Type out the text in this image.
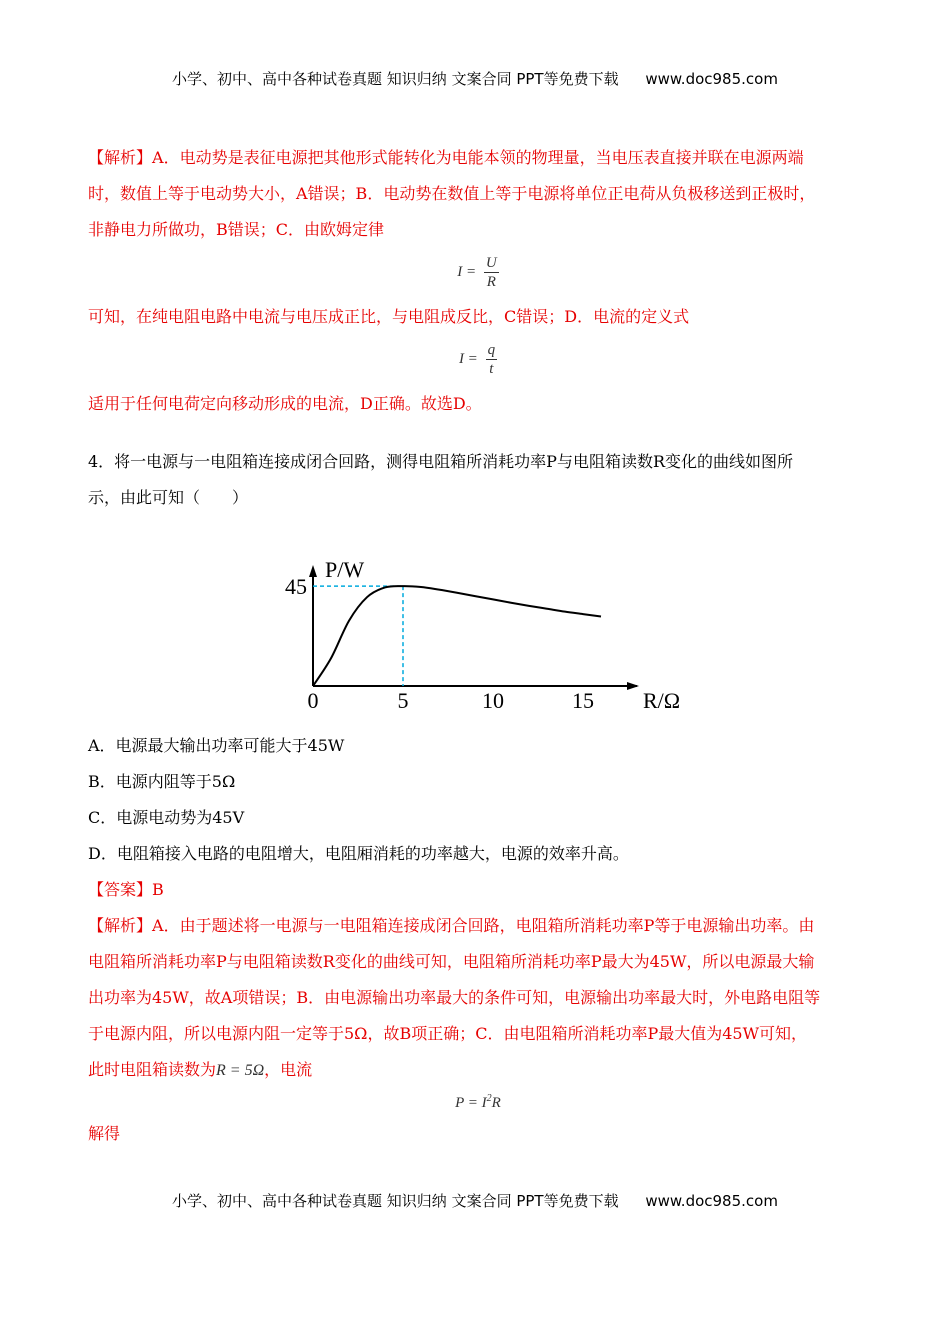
小学、初中、高中各种试卷真题 知识归纳 文案合同 PPT等免费下载 www.doc985.com

【解析】A．电动势是表征电源把其他形式能转化为电能本领的物理量，当电压表直接并联在电源两端

时，数值上等于电动势大小，A错误；B．电动势在数值上等于电源将单位正电荷从负极移送到正极时，

非静电力所做功，B错误；C．由欧姆定律

$I = \frac{U}{R}$

可知，在纯电阻电路中电流与电压成正比，与电阻成反比，C错误；D．电流的定义式

$I = \frac{q}{t}$

适用于任何电荷定向移动形成的电流，D正确。故选D。

4．将一电源与一电阻箱连接成闭合回路，测得电阻箱所消耗功率P与电阻箱读数R变化的曲线如图所

示，由此可知（　　）

P/W
R/Ω
0	5	10	15
45

A．电源最大输出功率可能大于45W

B．电源内阻等于5Ω

C．电源电动势为45V

D．电阻箱接入电路的电阻增大，电阻厢消耗的功率越大，电源的效率升高。

【答案】B

【解析】A．由于题述将一电源与一电阻箱连接成闭合回路，电阻箱所消耗功率P等于电源输出功率。由

电阻箱所消耗功率P与电阻箱读数R变化的曲线可知，电阻箱所消耗功率P最大为45W，所以电源最大输

出功率为45W，故A项错误；B．由电源输出功率最大的条件可知，电源输出功率最大时，外电路电阻等

于电源内阻，所以电源内阻一定等于5Ω，故B项正确；C．由电阻箱所消耗功率P最大值为45W可知，

此时电阻箱读数为R = 5Ω，电流

$P = I^2R$

解得

小学、初中、高中各种试卷真题 知识归纳 文案合同 PPT等免费下载 www.doc985.com
